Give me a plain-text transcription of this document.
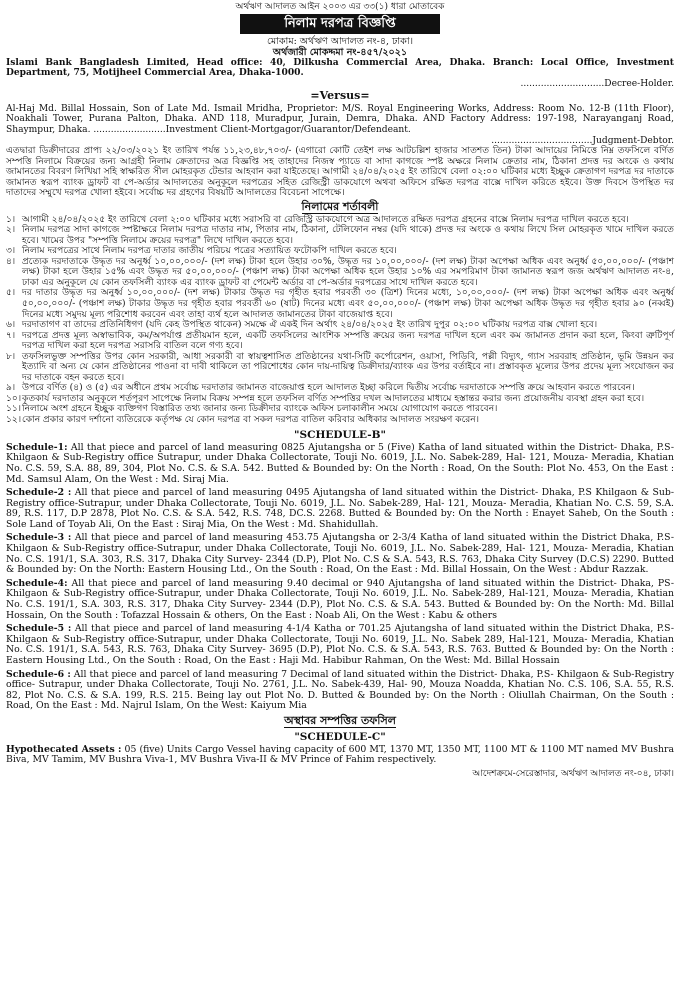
অর্থঋণ আদালত আইন ২০০৩ এর ৩৩(১) ধারা মোতাবেক
নিলাম দরপত্র বিজ্ঞপ্তি
মোকাম: অর্থঋণ আদালত নং-৪, ঢাকা।
অর্থজারী মোকদ্দমা নং-৪৫৭/২০২১

Islami Bank Bangladesh Limited, Head office: 40, Dilkusha Commercial Area, Dhaka. Branch: Local Office, Investment Department, 75, Motijheel Commercial Area, Dhaka-1000.

.............................Decree-Holder.
=Versus=

Al-Haj Md. Billal Hossain, Son of Late Md. Ismail Mridha, Proprietor: M/S. Royal Engineering Works, Address: Room No. 12-B (11th Floor), Noakhali Tower, Purana Palton, Dhaka. AND 118, Muradpur, Jurain, Demra, Dhaka. AND Factory Address: 197-198, Narayanganj Road, Shaympur, Dhaka. .........................Investment Client-Mortgagor/Guarantor/Defendeant.

...................................Judgment-Debtor.

এতদ্বারা ডিক্রীদারের প্রাপ্য ২২/০৩/২০২১ ইং তারিখ পর্যন্ত ১১,২৩,৪৮,৭০৩/- (এগারো কোটি তেইশ লক্ষ আটচল্লিশ হাজার সাতশত তিন) টাকা আদায়ের নিমিত্তে নিম্ন তফসিলে বর্ণিত সম্পত্তি নিলামে বিক্রয়ের জন্য আগ্রহী নিলাম ক্রেতাদের অত্র বিজ্ঞপ্তি সহ তাহাদের নিজস্ব প্যাডে বা সাদা কাগজে স্পষ্ট অক্ষরে নিলাম ক্রেতার নাম, ঠিকানা প্রদত্ত দর অংকে ও কথায় জামানতের বিবরণ লিখিয়া সহি স্বাক্ষরিত সীল মোহরকৃত টেন্ডার আহবান করা যাইতেছে। আগামী ২৪/০৪/২০২৫ ইং তারিখে বেলা ০২:০০ ঘটিকার মধ্যে ইচ্ছুক ক্রেতাগণ দরপত্র দর দাতাকে জামানত স্বরূপ ব্যাংক ড্রাফট বা পে-অর্ডার আদালতের অনুকূলে দরপত্রের সহিত রেজিস্ট্রী ডাকযোগে অথবা অফিসে রক্ষিত দরপত্র বাক্সে দাখিল করিতে হইবে। উক্ত দিবসে উপস্থিত দর দাতাদের সম্মুখে দরপত্র খোলা হইবে। সর্বোচ্চ দর গ্রহণের বিষয়টি আদালতের বিবেচনা সাপেক্ষে।

নিলামের শর্তাবলী
১। আগামী ২৪/০৪/২০২৫ ইং তারিখে বেলা ২:০০ ঘটিকার মধ্যে সরাসরি বা রেজিস্ট্রি ডাকযোগে অত্র আদালতে রক্ষিত দরপত্র গ্রহনের বাক্সে নিলাম দরপত্র দাখিল করতে হবে।
২। নিলাম দরপত্র সাদা কাগজে স্পষ্টাক্ষরে নিলাম দরপত্র দাতার নাম, পিতার নাম, ঠিকানা, টেলিফোন নম্বর (যদি থাকে) প্রদত্ত দর অংকে ও কথায় লিখে সিল মোহরকৃত খামে দাখিল করতে হবে। খামের উপর "সম্পত্তি নিলামে ক্রয়ের দরপত্র" লিখে দাখিল করতে হবে।
৩। নিলাম দরপত্রের সাথে নিলাম দরপত্র দাতার জাতীয় পরিচয় পত্রের সত্যায়িত ফটোকপি দাখিল করতে হবে।
৪। প্রত্যেক দরদাতাকে উদ্ধৃত দর অনুর্ধ্ব ১০,০০,০০০/- (দশ লক্ষ) টাকা হলে উহার ৩০%, উদ্ধৃত দর ১০,০০,০০০/- (দশ লক্ষ) টাকা অপেক্ষা অধিক এবং অনুর্ধ্ব ৫০,০০,০০০/- (পঞ্চাশ লক্ষ) টাকা হলে উহার ১৫% এবং উদ্ধৃত দর ৫০,০০,০০০/- (পঞ্চাশ লক্ষ) টাকা অপেক্ষা অধিক হলে উহার ১০% এর সমপরিমাণ টাকা জামানত স্বরূপ জজ অর্থঋণ আদালত নং-৪, ঢাকা এর অনুকূলে যে কোন তফসিলী ব্যাংক এর ব্যাংক ড্রাফট বা পেমেন্ট অর্ডার বা পে-অর্ডার দরপত্রের সাথে দাখিল করতে হবে।
৫। দর দাতার উদ্ধৃত দর অনুর্ধ্ব ১০,০০,০০০/- (দশ লক্ষ) টাকার উদ্ধৃত দর গৃহীত হবার পরবর্তী ৩০ (ত্রিশ) দিনের মধ্যে, ১০,০০,০০০/- (দশ লক্ষ) টাকা অপেক্ষা অধিক এবং অনুর্ধ্ব ৫০,০০,০০০/- (পঞ্চাশ লক্ষ) টাকার উদ্ধৃত দর গৃহীত হবার পরবর্তী ৬০ (ষাট) দিনের মধ্যে এবং ৫০,০০,০০০/- (পঞ্চাশ লক্ষ) টাকা অপেক্ষা অধিক উদ্ধৃত দর গৃহীত হবার ৯০ (নব্বই) দিনের মধ্যে সমুদয় মূল্য পরিশোধ করবেন এবং তাহা ব্যর্থ হলে আদালত জামানতের টাকা বাজেয়াপ্ত হবে।
৬। দরদাতাগণ বা তাদের প্রতিনিধিগণ (যদি কেহ উপস্থিত থাকেন) সমক্ষে ঐ একই দিন অর্থাৎ ২৪/০৪/২০২৫ ইং তারিখ দুপুর ০২:০০ ঘটিকায় দরপত্র বাক্স খোলা হবে।
৭। দরপত্রে প্রদত্ত মূল্য অস্বাভাবিক, কম/অপর্যাপ্ত প্রতীয়মান হলে, একটি তফসিলের আংশিক সম্পত্তি ক্রয়ের জন্য দরপত্র দাখিল হলে এবং কম জামানত প্রদান করা হলে, কিংবা ত্রুটিপূর্ণ দরপত্র দাখিল করা হলে দরপত্র সরাসরি বাতিল বলে গণ্য হবে।
৮। তফসিলভুক্ত সম্পত্তির উপর কোন সরকারী, আধা সরকারী বা স্বায়ত্বশাসিত প্রতিষ্ঠানের যথা-সিটি কর্পোরেশন, ওয়াসা, পিডিবি, পল্লী বিদ্যুৎ, গ্যাস সরবরাহ প্রতিষ্ঠান, ভূমি উন্নয়ন কর ইত্যাদি বা অন্য যে কোন প্রতিষ্ঠানের পাওনা বা দাবী থাকিলে তা পরিশোধের কোন দায়-দায়িত্ব ডিক্রীদার/ব্যাংক এর উপর বর্তাইবে না। প্রস্তাবকৃত মূল্যের উপর প্রদেয় মূল্য সংযোজন কর দর দাতাকে বহন করতে হবে।
৯। উপরে বর্ণিত (৪) ও (৫) এর অধীনে প্রথম সর্বোচ্চ দরদাতার জামানত বাজেয়াপ্ত হলে আদালত ইচ্ছা করিলে দ্বিতীয় সর্বোচ্চ দরদাতাকে সম্পত্তি ক্রয়ে আহবান করতে পারবেন।
১০। কৃতকার্য দরদাতার অনুকূলে শর্তপূরণ সাপেক্ষে নিলাম বিক্রয় সম্পন্ন হলে তফসিল বর্ণিত সম্পত্তির দখল আদালতের মাধ্যমে হস্তান্তর করার জন্য প্রয়োজনীয় ব্যবস্থা গ্রহন করা হবে।
১১। নিলামে অংশ গ্রহনে ইচ্ছুক ব্যক্তিগণ বিস্তারিত তথ্য জানার জন্য ডিক্রীদার ব্যাংকে অফিস চলাকালীন সময়ে যোগাযোগ করতে পারবেন।
১২। কোন প্রকার কারণ দর্শানো ব্যতিরেকে কর্তৃপক্ষ যে কোন দরপত্র বা সকল দরপত্র বাতিল করিবার অধিকার আদালত সংরক্ষণ করেন।
"SCHEDULE-B"

Schedule-1: All that piece and parcel of land measuring 0825 Ajutangsha or 5 (Five) Katha of land situated within the District- Dhaka, P.S- Khilgaon & Sub-Registry office Sutrapur, under Dhaka Collectorate, Touji No. 6019, J.L. No. Sabek-289, Hal- 121, Mouza- Meradia, Khatian No. C.S. 59, S.A. 88, 89, 304, Plot No. C.S. & S.A. 542. Butted & Bounded by: On the North : Road, On the South: Plot No. 453, On the East : Md. Samsul Alam, On the West : Md. Siraj Mia.

Schedule-2 : All that piece and parcel of land measuring 0495 Ajutangsha of land situated within the District- Dhaka, P.S Khilgaon & Sub-Registry office-Sutrapur, under Dhaka Collectorate, Touji No. 6019, J.L. No. Sabek-289, Hal- 121, Mouza- Meradia, Khatian No. C.S. 59, S.A. 89, R.S. 117, D.P 2878, Plot No. C.S. & S.A. 542, R.S. 748, DC.S. 2268. Butted & Bounded by: On the North : Enayet Saheb, On the South : Sole Land of Toyab Ali, On the East : Siraj Mia, On the West : Md. Shahidullah.

Schedule-3 : All that piece and parcel of land measuring 453.75 Ajutangsha or 2-3/4 Katha of land situated within the District Dhaka, P.S- Khilgaon & Sub-Registry office-Sutrapur, under Dhaka Collectorate, Touji No. 6019, J.L. No. Sabek-289, Hal- 121, Mouza- Meradia, Khatian No. C.S. 191/1, S.A. 303, R.S. 317, Dhaka City Survey- 2344 (D.P), Plot No. C.S & S.A. 543, R.S. 763, Dhaka City Survey (D.C.S) 2290. Butted & Bounded by: On the North: Eastern Housing Ltd., On the South : Road, On the East : Md. Billal Hossain, On the West : Abdur Razzak.

Schedule-4: All that piece and parcel of land measuring 9.40 decimal or 940 Ajutangsha of land situated within the District- Dhaka, PS- Khilgaon & Sub-Registry office-Sutrapur, under Dhaka Collectorate, Touji No. 6019, J.L. No. Sabek-289, Hal-121, Mouza- Meradia, Khatian No. C.S. 191/1, S.A. 303, R.S. 317, Dhaka City Survey- 2344 (D.P), Plot No. C.S. & S.A. 543. Butted & Bounded by: On the North: Md. Billal Hossain, On the South : Tofazzal Hossain & others, On the East : Noab Ali, On the West : Kabu & others

Schedule-5 : All that piece and parcel of land measuring 4-1/4 Katha or 701.25 Ajutangsha of land situated within the District Dhaka, P.S- Khilgaon & Sub-Registry office-Sutrapur, under Dhaka Collectorate, Touji No. 6019, J.L. No. Sabek 289, Hal-121, Mouza- Meradia, Khatian No. C.S. 191/1, S.A. 543, R.S. 763, Dhaka City Survey- 3695 (D.P), Plot No. C.S. & S.A. 543, R.S. 763. Butted & Bounded by: On the North : Eastern Housing Ltd., On the South : Road, On the East : Haji Md. Habibur Rahman, On the West: Md. Billal Hossain

Schedule-6 : All that piece and parcel of land measuring 7 Decimal of land situated within the District- Dhaka, P.S- Khilgaon & Sub-Registry office- Sutrapur, under Dhaka Collectorate, Touji No. 2761, J.L. No. Sabek-439, Hal- 90, Mouza Noadda, Khatian No. C.S. 106, S.A. 55, R.S. 82, Plot No. C.S. & S.A. 199, R.S. 215. Being lay out Plot No. D. Butted & Bounded by: On the North : Oliullah Chairman, On the South : Road, On the East : Md. Najrul Islam, On the West: Kaiyum Mia

অস্থাবর সম্পত্তির তফসিল
"SCHEDULE-C"

Hypothecated Assets : 05 (five) Units Cargo Vessel having capacity of 600 MT, 1370 MT, 1350 MT, 1100 MT & 1100 MT named MV Bushra Biva, MV Tamim, MV Bushra Viva-1, MV Bushra Viva-II & MV Prince of Fahim respectively.

আদেশক্রমে-সেরেস্তাদার, অর্থঋণ আদালত নং-০৪, ঢাকা।
